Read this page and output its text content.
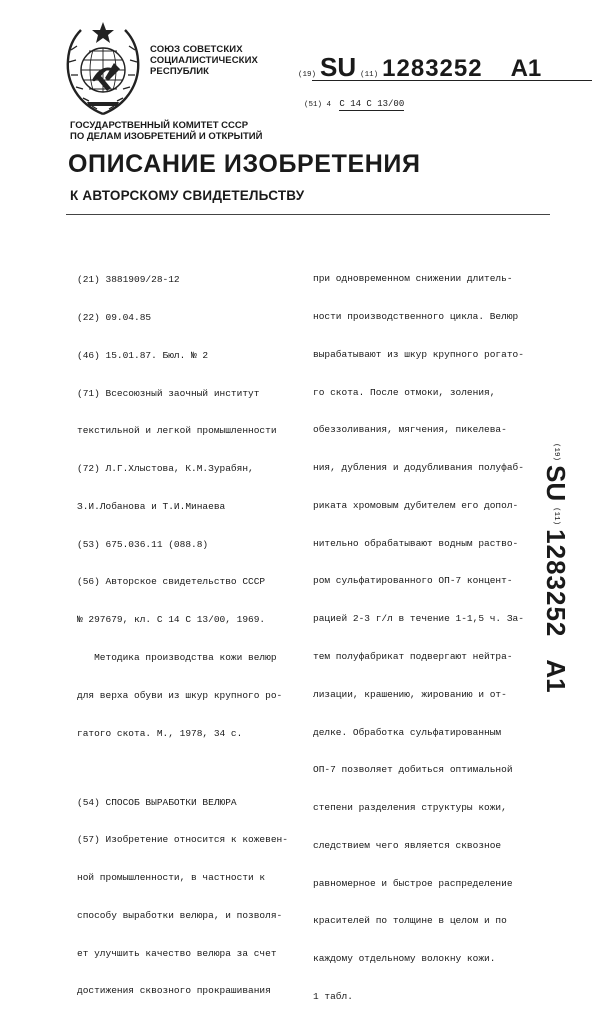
СОЮЗ СОВЕТСКИХ
СОЦИАЛИСТИЧЕСКИХ
РЕСПУБЛИК	(19) SU (11) 1283252 A1
(51) 4 С 14 С 13/00
ГОСУДАРСТВЕННЫЙ КОМИТЕТ СССР
ПО ДЕЛАМ ИЗОБРЕТЕНИЙ И ОТКРЫТИЙ
ОПИСАНИЕ ИЗОБРЕТЕНИЯ
К АВТОРСКОМУ СВИДЕТЕЛЬСТВУ

(21) 3881909/28-12

(22) 09.04.85

(46) 15.01.87. Бюл. № 2

(71) Всесоюзный заочный институт

текстильной и легкой промышленности

(72) Л.Г.Хлыстова, К.М.Зурабян,

З.И.Лобанова и Т.И.Минаева

(53) 675.036.11 (088.8)

(56) Авторское свидетельство СССР

№ 297679, кл. С 14 С 13/00, 1969.

Методика производства кожи велюр

для верха обуви из шкур крупного ро-

гатого скота. М., 1978, 34 с.

(54) СПОСОБ ВЫРАБОТКИ ВЕЛЮРА

(57) Изобретение относится к кожевен-

ной промышленности, в частности к

способу выработки велюра, и позволя-

ет улучшить качество велюра за счет

достижения сквозного прокрашивания

при одновременном снижении длитель-

ности производственного цикла. Велюр

вырабатывают из шкур крупного рогато-

го скота. После отмоки, золения,

обеззоливания, мягчения, пикелева-

ния, дубления и додубливания полуфаб-

риката хромовым дубителем его допол-

нительно обрабатывают водным раство-

ром сульфатированного ОП-7 концент-

рацией 2-3 г/л в течение 1-1,5 ч. За-

тем полуфабрикат подвергают нейтра-

лизации, крашению, жированию и от-

делке. Обработка сульфатированным

ОП-7 позволяет добиться оптимальной

степени разделения структуры кожи,

следствием чего является сквозное

равномерное и быстрое распределение

красителей по толщине в целом и по

каждому отдельному волокну кожи.

1 табл.

(19)
SU
(11)
1283252
A1
